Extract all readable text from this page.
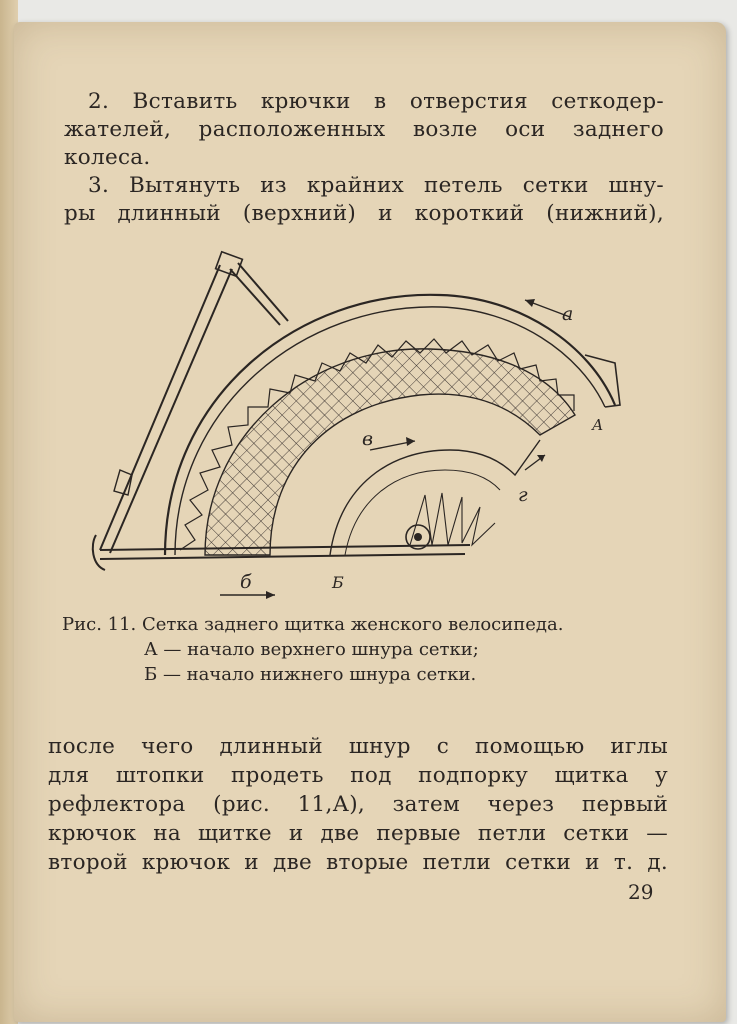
2. Вставить крючки в отверстия сеткодер-

жателей, расположенных возле оси заднего

колеса.

3. Вытянуть из крайних петель сетки шну-

ры длинный (верхний) и короткий (нижний),

а
А
в
г
б	Б
Рис. 11. Сетка заднего щитка женского велосипеда.
А — начало верхнего шнура сетки;
Б — начало нижнего шнура сетки.

после чего длинный шнур с помощью иглы

для штопки продеть под подпорку щитка у

рефлектора (рис. 11,А), затем через первый

крючок на щитке и две первые петли сетки —

второй крючок и две вторые петли сетки и т. д.

29
